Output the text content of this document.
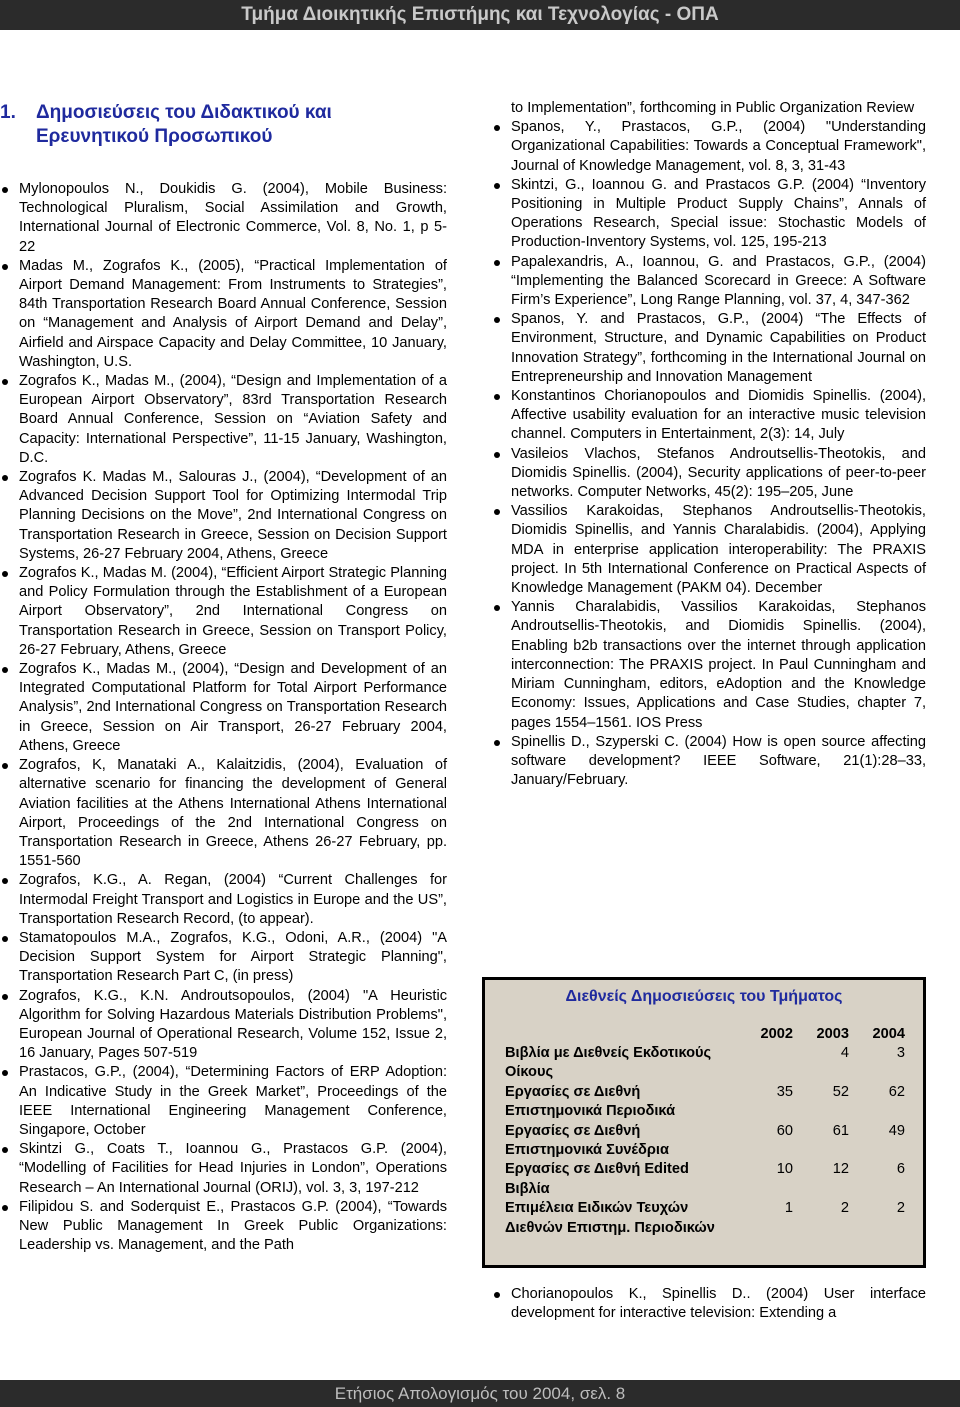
Τμήμα Διοικητικής Επιστήμης και Τεχνολογίας - ΟΠΑ
1. Δημοσιεύσεις του Διδακτικού και
Ερευνητικού Προσωπικού
Mylonopoulos N., Doukidis G. (2004), Mobile Business: Technological Pluralism, Social Assimilation and Growth, International Journal of Electronic Commerce, Vol. 8, No. 1, p 5-22
Madas M., Zografos K., (2005), “Practical Implementation of Airport Demand Management: From Instruments to Strategies”, 84th Transportation Research Board Annual Conference, Session on “Management and Analysis of Airport Demand and Delay”, Airfield and Airspace Capacity and Delay Committee, 10 January, Washington, U.S.
Zografos K., Madas M., (2004), “Design and Implementation of a European Airport Observatory”, 83rd Transportation Research Board Annual Conference, Session on “Aviation Safety and Capacity: International Perspective”, 11-15 January, Washington, D.C.
Zografos K. Madas M., Salouras J., (2004), “Development of an Advanced Decision Support Tool for Optimizing Intermodal Trip Planning Decisions on the Move”, 2nd International Congress on Transportation Research in Greece, Session on Decision Support Systems, 26-27 February 2004, Athens, Greece
Zografos K., Madas M. (2004), “Efficient Airport Strategic Planning and Policy Formulation through the Establishment of a European Airport Observatory”, 2nd International Congress on Transportation Research in Greece, Session on Transport Policy, 26-27 February, Athens, Greece
Zografos K., Madas M., (2004), “Design and Development of an Integrated Computational Platform for Total Airport Performance Analysis”, 2nd International Congress on Transportation Research in Greece, Session on Air Transport, 26-27 February 2004, Athens, Greece
Zografos, K, Manataki A., Kalaitzidis, (2004), Evaluation of alternative scenario for financing the development of General Aviation facilities at the Athens International Athens International Airport, Proceedings of the 2nd International Congress on Transportation Research in Greece, Athens 26-27 February, pp. 1551-560
Zografos, K.G., A. Regan, (2004) “Current Challenges for Intermodal Freight Transport and Logistics in Europe and the US”, Transportation Research Record, (to appear).
Stamatopoulos M.A., Zografos, K.G., Odoni, A.R., (2004) "A Decision Support System for Airport Strategic Planning", Transportation Research Part C, (in press)
Zografos, K.G., K.N. Androutsopoulos, (2004) "A Heuristic Algorithm for Solving Hazardous Materials Distribution Problems", European Journal of Operational Research, Volume 152, Issue 2, 16 January, Pages 507-519
Prastacos, G.P., (2004), “Determining Factors of ERP Adoption: An Indicative Study in the Greek Market”, Proceedings of the IEEE International Engineering Management Conference, Singapore, October
Skintzi G., Coats T., Ioannou G., Prastacos G.P. (2004), “Modelling of Facilities for Head Injuries in London”, Operations Research – An International Journal (ORIJ), vol. 3, 3, 197-212
Filipidou S. and Soderquist E., Prastacos G.P. (2004), “Towards New Public Management In Greek Public Organizations: Leadership vs. Management, and the Path
to Implementation”, forthcoming in Public Organization Review
Spanos, Y., Prastacos, G.P., (2004) "Understanding Organizational Capabilities: Towards a Conceptual Framework", Journal of Knowledge Management, vol. 8, 3, 31-43
Skintzi, G., Ioannou G. and Prastacos G.P. (2004) “Inventory Positioning in Multiple Product Supply Chains”, Annals of Operations Research, Special issue: Stochastic Models of Production-Inventory Systems, vol. 125, 195-213
Papalexandris, A., Ioannou, G. and Prastacos, G.P., (2004) “Implementing the Balanced Scorecard in Greece: A Software Firm’s Experience”, Long Range Planning, vol. 37, 4, 347-362
Spanos, Y. and Prastacos, G.P., (2004) “The Effects of Environment, Structure, and Dynamic Capabilities on Product Innovation Strategy”, forthcoming in the International Journal on Entrepreneurship and Innovation Management
Konstantinos Chorianopoulos and Diomidis Spinellis. (2004), Affective usability evaluation for an interactive music television channel. Computers in Entertainment, 2(3): 14, July
Vasileios Vlachos, Stefanos Androutsellis-Theotokis, and Diomidis Spinellis. (2004), Security applications of peer-to-peer networks. Computer Networks, 45(2): 195–205, June
Vassilios Karakoidas, Stephanos Androutsellis-Theotokis, Diomidis Spinellis, and Yannis Charalabidis. (2004), Applying MDA in enterprise application interoperability: The PRAXIS project. In 5th International Conference on Practical Aspects of Knowledge Management (PAKM 04). December
Yannis Charalabidis, Vassilios Karakoidas, Stephanos Androutsellis-Theotokis, and Diomidis Spinellis. (2004), Enabling b2b transactions over the internet through application interconnection: The PRAXIS project. In Paul Cunningham and Miriam Cunningham, editors, eAdoption and the Knowledge Economy: Issues, Applications and Case Studies, chapter 7, pages 1554–1561. IOS Press
Spinellis D., Szyperski C. (2004) How is open source affecting software development? IEEE Software, 21(1):28–33, January/February.
Διεθνείς Δημοσιεύσεις του Τμήματος
	2002	2003	2004
Βιβλία με Διεθνείς Εκδοτικούς Οίκους		4	3
Εργασίες σε Διεθνή Επιστημονικά Περιοδικά	35	52	62
Εργασίες σε Διεθνή Επιστημονικά Συνέδρια	60	61	49
Εργασίες σε Διεθνή Edited Βιβλία	10	12	6
Επιμέλεια Ειδικών Τευχών Διεθνών Επιστημ. Περιοδικών	1	2	2
Chorianopoulos K., Spinellis D.. (2004) User interface development for interactive television: Extending a
Ετήσιος Απολογισμός του 2004, σελ. 8
